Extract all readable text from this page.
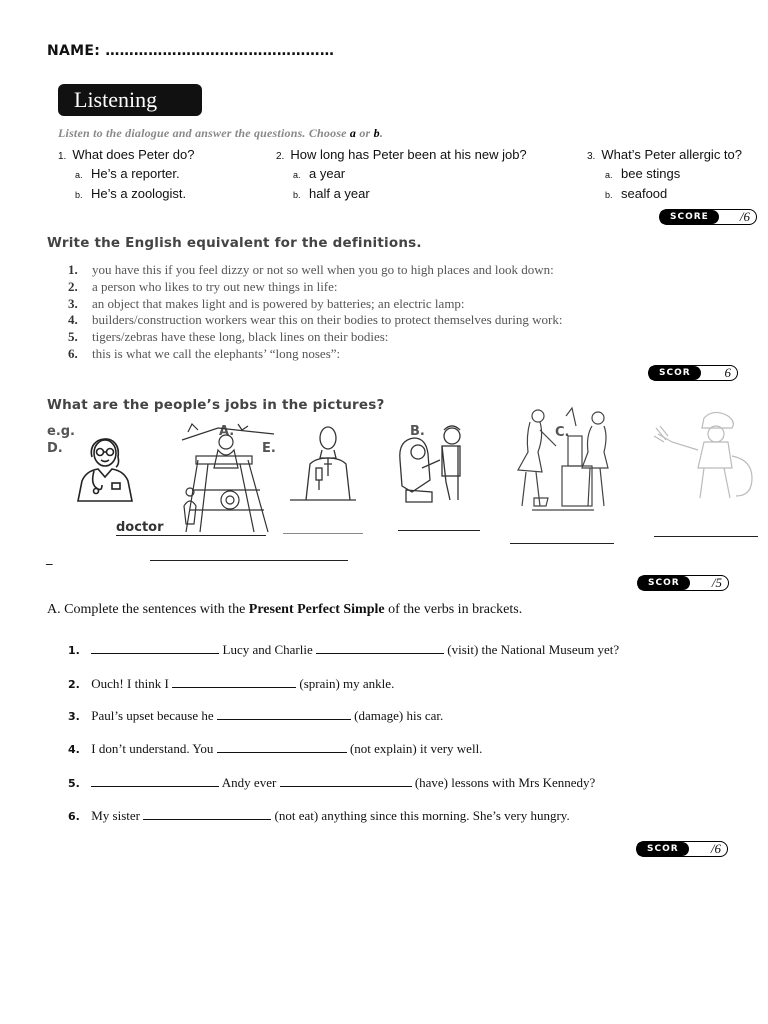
NAME: …………………………………………
Listening
Listen to the dialogue and answer the questions. Choose a or b.
1. What does Peter do?
a. He’s a reporter.
b. He’s a zoologist.
2. How long has Peter been at his new job?
a. a year
b. half a year
3. What’s Peter allergic to?
a. bee stings
b. seafood
SCORE	/6
Write the English equivalent for the definitions.
1. you have this if you feel dizzy or not so well when you go to high places and look down:
2. a person who likes to try out new things in life:
3. an object that makes light and is powered by batteries; an electric lamp:
4. builders/construction workers wear this on their bodies to protect themselves during work:
5. tigers/zebras have these long, black lines on their bodies:
6. this is what we call the elephants’ “long noses”:
SCOR	6
What are the people’s jobs in the pictures?
e.g.
D.
A.
E.
B.	C.
doctor
_
SCOR	/5
A. Complete the sentences with the Present Perfect Simple of the verbs in brackets.
1.	Lucy and Charlie	(visit) the National Museum yet?
2. Ouch! I think I	(sprain) my ankle.
3. Paul’s upset because he	(damage) his car.
4. I don’t understand. You	(not explain) it very well.
5.	Andy ever	(have) lessons with Mrs Kennedy?
6. My sister	(not eat) anything since this morning. She’s very hungry.
SCOR	/6
